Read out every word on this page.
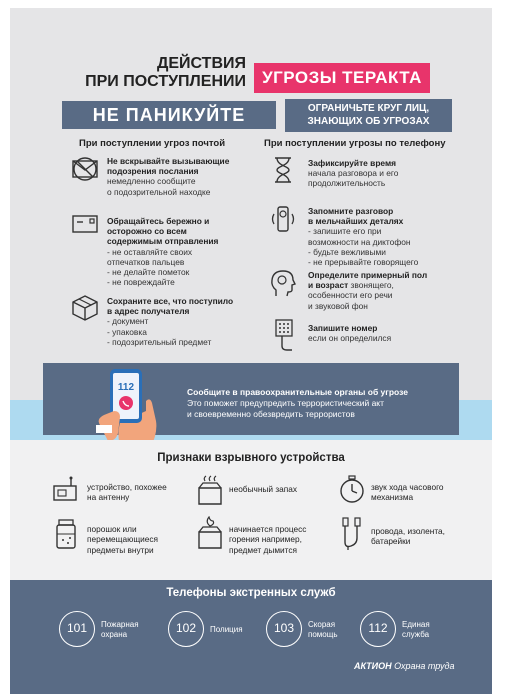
ДЕЙСТВИЯ
ПРИ ПОСТУПЛЕНИИ УГРОЗЫ ТЕРАКТА
НЕ ПАНИКУЙТЕ	ОГРАНИЧЬТЕ КРУГ ЛИЦ,
ЗНАЮЩИХ ОБ УГРОЗАХ
При поступлении угроз почтой
Не вскрывайте вызывающие
подозрения послания
немедленно сообщите
о подозрительной находке
Обращайтесь бережно и
осторожно со всем
содержимым отправления
- не оставляйте своих
отпечатков пальцев
- не делайте пометок
- не повреждайте
Сохраните все, что поступило
в адрес получателя
- документ
- упаковка
- подозрительный предмет
При поступлении угрозы по телефону
Зафиксируйте время
начала разговора и его
продолжительность
Запомните разговор
в мельчайших деталях
- запишите его при
возможности на диктофон
- будьте вежливыми
- не прерывайте говорящего
Определите примерный пол
и возраст звонящего,
особенности его речи
и звуковой фон
Запишите номер
если он определился
112	Сообщите в правоохранительные органы об угрозе
Это поможет предупредить террористический акт
и своевременно обезвредить террористов
Признаки взрывного устройства
устройство, похожее
на антенну
необычный запах	звук хода часового
механизма
порошок или
перемещающиеся
предметы внутри
начинается процесс
горения например,
предмет дымится
провода, изолента,
батарейки
Телефоны экстренных служб
101	Пожарная
охрана	102	Полиция	103	Скорая
помощь	112	Единая
служба
АКТИОН Охрана труда
